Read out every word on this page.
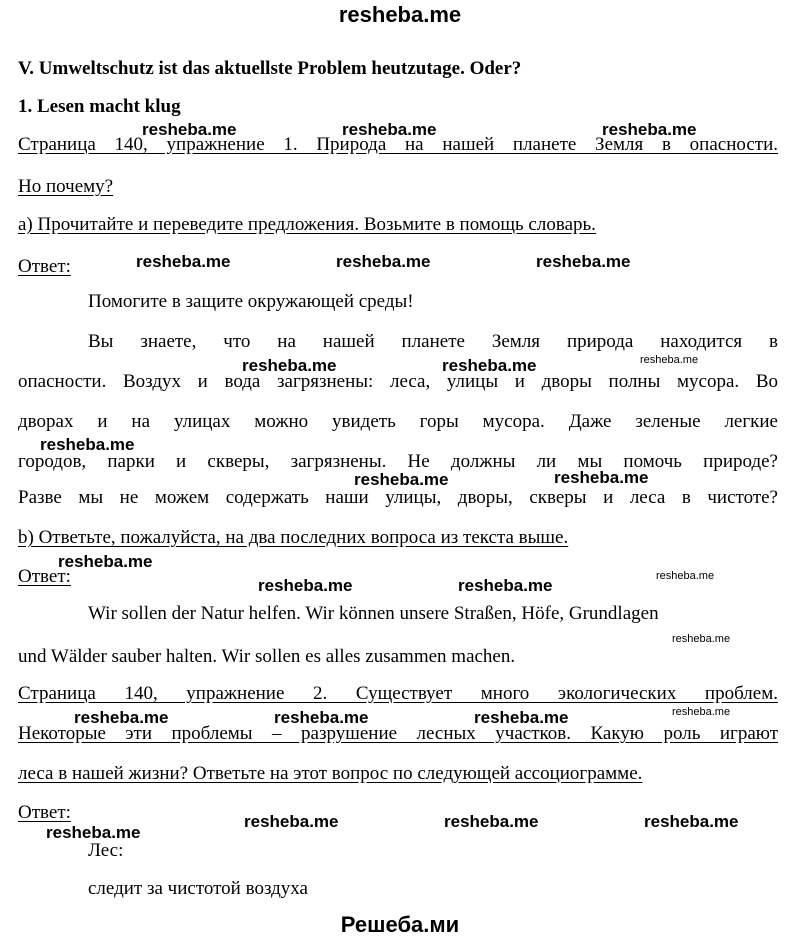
resheba.me
V. Umweltschutz ist das aktuellste Problem heutzutage. Oder?
1. Lesen macht klug
Страница 140, упражнение 1. Природа на нашей планете Земля в опасности.
Но почему?
а) Прочитайте и переведите предложения. Возьмите в помощь словарь.
Ответ:
Помогите в защите окружающей среды!
Вы знаете, что на нашей планете Земля природа находится в
опасности. Воздух и вода загрязнены: леса, улицы и дворы полны мусора. Во
дворах и на улицах можно увидеть горы мусора. Даже зеленые легкие
городов, парки и скверы, загрязнены. Не должны ли мы помочь природе?
Разве мы не можем содержать наши улицы, дворы, скверы и леса в чистоте?
b) Ответьте, пожалуйста, на два последних вопроса из текста выше.
Ответ:
Wir sollen der Natur helfen. Wir können unsere Straßen, Höfe, Grundlagen
und Wälder sauber halten. Wir sollen es alles zusammen machen.
Страница 140, упражнение 2. Существует много экологических проблем.
Некоторые эти проблемы – разрушение лесных участков. Какую роль играют
леса в нашей жизни? Ответьте на этот вопрос по следующей ассоциограмме.
Ответ:
Лес:
следит за чистотой воздуха
resheba.me	resheba.me	resheba.me
resheba.me	resheba.me	resheba.me
resheba.me	resheba.me	resheba.me
resheba.me
resheba.me	resheba.me
resheba.me
resheba.me	resheba.me	resheba.me
resheba.me
resheba.me	resheba.me	resheba.me	resheba.me
resheba.me
resheba.me	resheba.me	resheba.me
Решеба.ми
